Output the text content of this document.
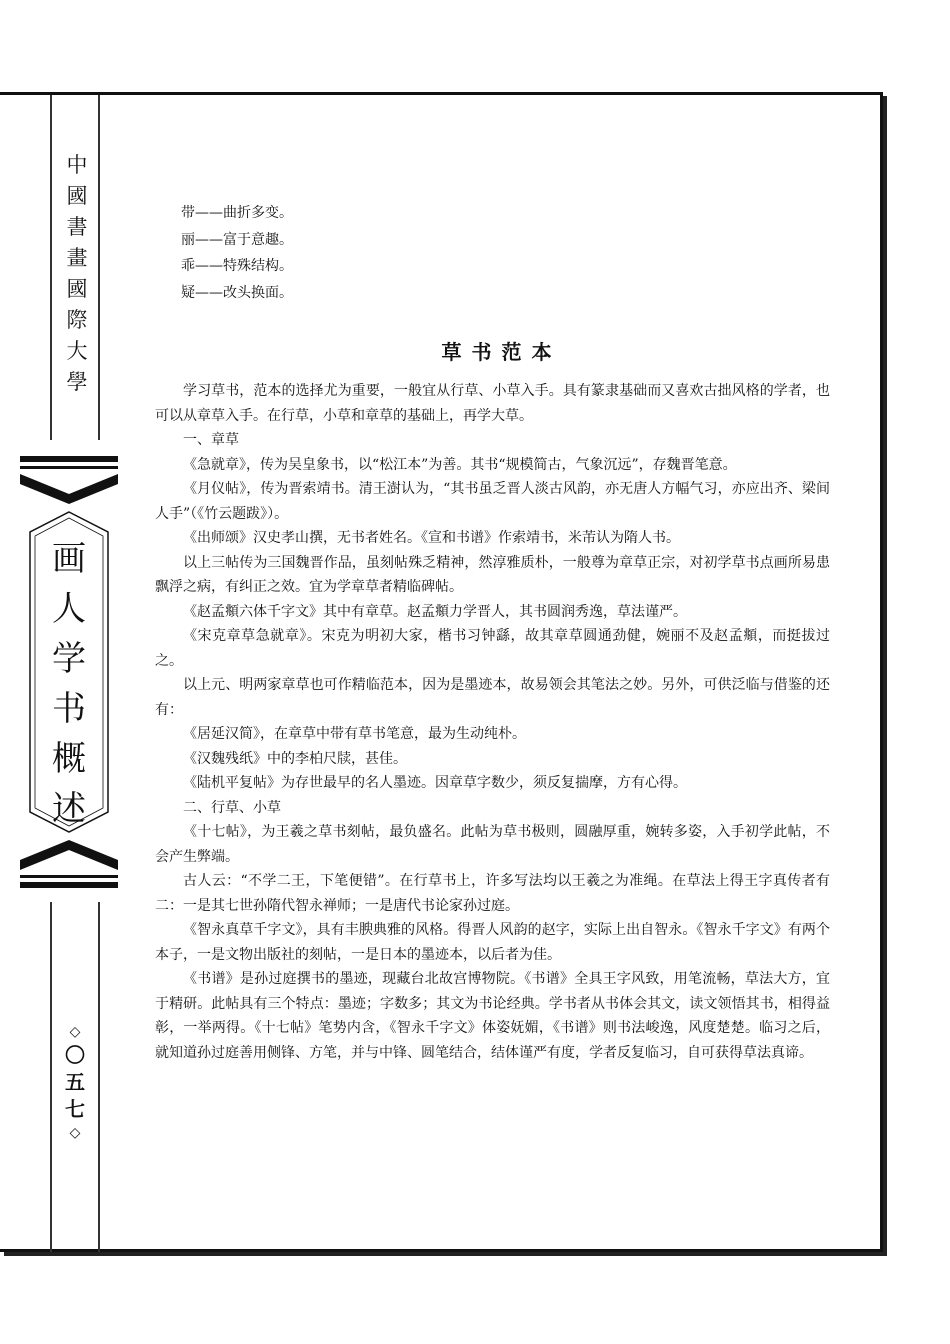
中
國
書
畫
國
際
大
學
画
人
学
书
概
述
◇
〇
五
七
◇
带——曲折多变。
丽——富于意趣。
乖——特殊结构。
疑——改头换面。
草书范本

学习草书，范本的选择尤为重要，一般宜从行草、小草入手。具有篆隶基础而又喜欢古拙风格的学者，也可以从章草入手。在行草，小草和章草的基础上，再学大草。

一、章草

《急就章》，传为吴皇象书，以“松江本”为善。其书“规模简古，气象沉远”，存魏晋笔意。

《月仪帖》，传为晋索靖书。清王澍认为，“其书虽乏晋人淡古风韵，亦无唐人方幅气习，亦应出齐、梁间人手”（《竹云题跋》）。

《出师颂》汉史孝山撰，无书者姓名。《宣和书谱》作索靖书，米芾认为隋人书。

以上三帖传为三国魏晋作品，虽刻帖殊乏精神，然淳雅质朴，一般尊为章草正宗，对初学草书点画所易患飘浮之病，有纠正之效。宜为学章草者精临碑帖。

《赵孟頫六体千字文》其中有章草。赵孟頫力学晋人，其书圆润秀逸，草法谨严。

《宋克章草急就章》。宋克为明初大家，楷书习钟繇，故其章草圆通劲健，婉丽不及赵孟頫，而挺拔过之。

以上元、明两家章草也可作精临范本，因为是墨迹本，故易领会其笔法之妙。另外，可供泛临与借鉴的还有：

《居延汉简》，在章草中带有草书笔意，最为生动纯朴。

《汉魏残纸》中的李柏尺牍，甚佳。

《陆机平复帖》为存世最早的名人墨迹。因章草字数少，须反复揣摩，方有心得。

二、行草、小草

《十七帖》，为王羲之草书刻帖，最负盛名。此帖为草书极则，圆融厚重，婉转多姿，入手初学此帖，不会产生弊端。

古人云：“不学二王，下笔便错”。在行草书上，许多写法均以王羲之为准绳。在草法上得王字真传者有二：一是其七世孙隋代智永禅师；一是唐代书论家孙过庭。

《智永真草千字文》，具有丰腴典雅的风格。得晋人风韵的赵字，实际上出自智永。《智永千字文》有两个本子，一是文物出版社的刻帖，一是日本的墨迹本，以后者为佳。

《书谱》是孙过庭撰书的墨迹，现藏台北故宫博物院。《书谱》全具王字风致，用笔流畅，草法大方，宜于精研。此帖具有三个特点：墨迹；字数多；其文为书论经典。学书者从书体会其文，读文领悟其书，相得益彰，一举两得。《十七帖》笔势内含，《智永千字文》体姿妩媚，《书谱》则书法峻逸，风度楚楚。临习之后，就知道孙过庭善用侧锋、方笔，并与中锋、圆笔结合，结体谨严有度，学者反复临习，自可获得草法真谛。
